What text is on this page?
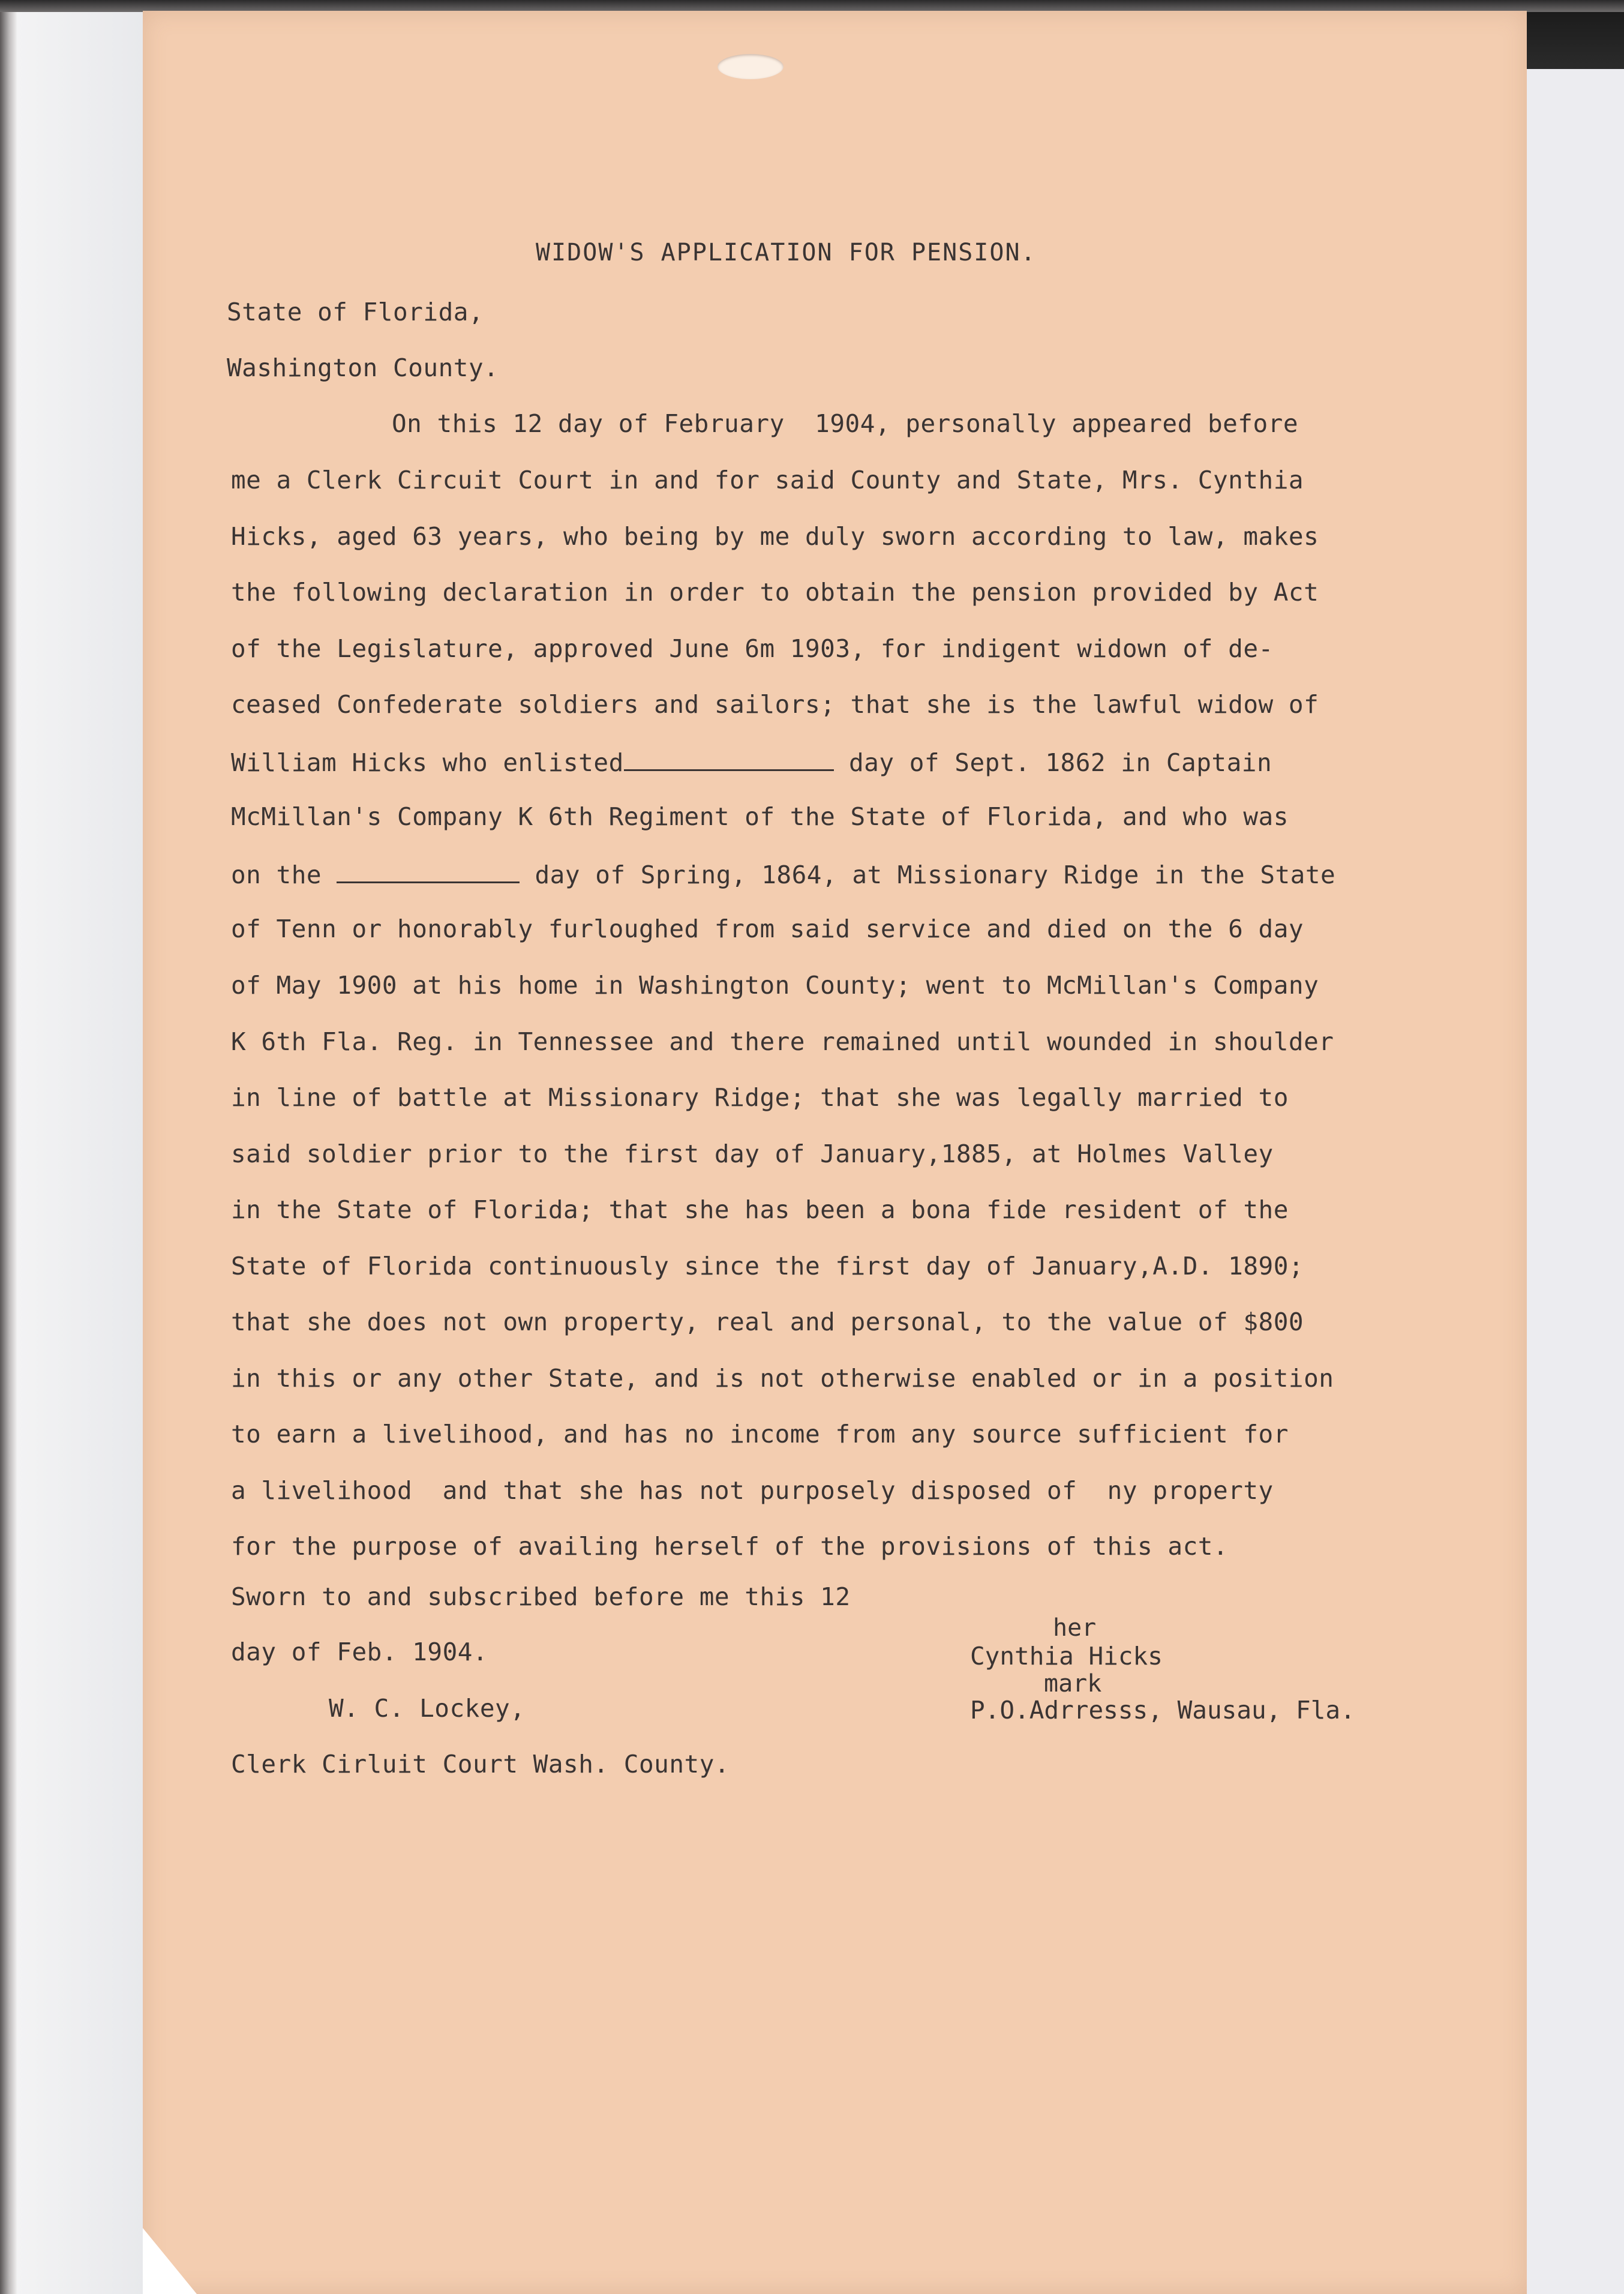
WIDOW'S APPLICATION FOR PENSION.
State of Florida,
Washington County.
On this 12 day of February  1904, personally appeared before
me a Clerk Circuit Court in and for said County and State, Mrs. Cynthia
Hicks, aged 63 years, who being by me duly sworn according to law, makes
the following declaration in order to obtain the pension provided by Act
of the Legislature, approved June 6m 1903, for indigent widown of de-
ceased Confederate soldiers and sailors; that she is the lawful widow of
William Hicks who enlisted	day of Sept. 1862 in Captain
McMillan's Company K 6th Regiment of the State of Florida, and who was
on the	day of Spring, 1864, at Missionary Ridge in the State
of Tenn or honorably furloughed from said service and died on the 6 day
of May 1900 at his home in Washington County; went to McMillan's Company
K 6th Fla. Reg. in Tennessee and there remained until wounded in shoulder
in line of battle at Missionary Ridge; that she was legally married to
said soldier prior to the first day of January,1885, at Holmes Valley
in the State of Florida; that she has been a bona fide resident of the
State of Florida continuously since the first day of January,A.D. 1890;
that she does not own property, real and personal, to the value of $800
in this or any other State, and is not otherwise enabled or in a position
to earn a livelihood, and has no income from any source sufficient for
a livelihood  and that she has not purposely disposed of  ny property
for the purpose of availing herself of the provisions of this act.
Sworn to and subscribed before me this 12
day of Feb. 1904.
W. C. Lockey,
Clerk Cirluit Court Wash. County.
her
Cynthia Hicks
mark
P.O.Adrresss, Wausau, Fla.
